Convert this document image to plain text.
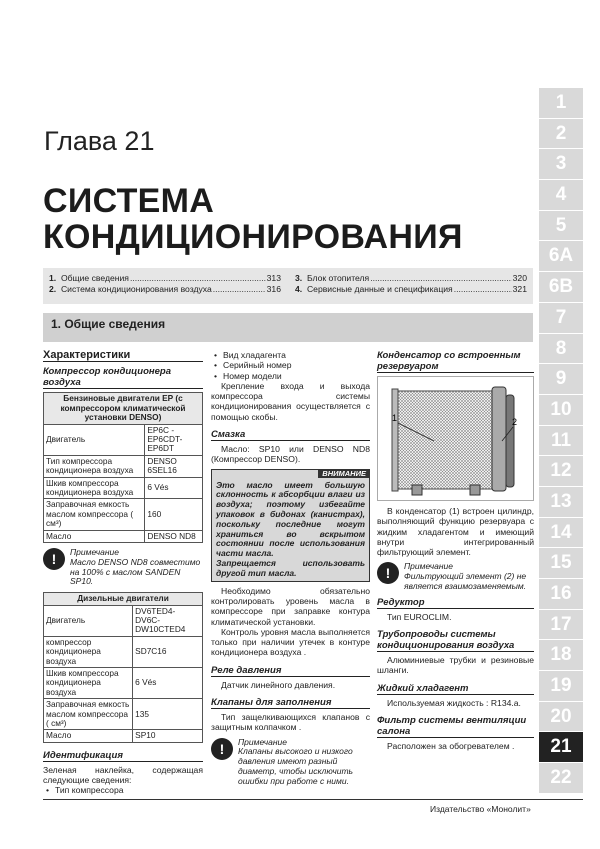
Глава 21
СИСТЕМА
КОНДИЦИОНИРОВАНИЯ
1. Общие сведения .....	313
2. Система кондиционирования воздуха .....	316
3. Блок отопителя .....	320
4. Сервисные данные и спецификация .....	321
1. Общие сведения
Характеристики
Компрессор кондиционера воздуха
Бензиновые двигатели EP (с компрессором климатической установки DENSO)	
Двигатель	EP6C - EP6CDT-EP6DT
Тип компрессора кондиционера воздуха	DENSO 6SEL16
Шкив компрессора кондиционера воздуха	6 Vés
Заправочная емкость маслом компрессора ( см³)	160
Масло	DENSO ND8
!	Примечание
Масло DENSO ND8 совместимо на 100% с маслом SANDEN SP10.
Дизельные двигатели	
Двигатель	DV6TED4- DV6C-DW10CTED4
компрессор кондиционера воздуха	SD7C16
Шкив компрессора кондиционера воздуха	6 Vés
Заправочная емкость маслом компрессора ( см³)	135
Масло	SP10
Идентификация

Зеленая наклейка, содержащая следующие сведения:

• Тип компрессора
• Вид хладагента
• Серийный номер
• Номер модели

Крепление входа и выхода компрессора системы кондиционирования осуществляется с помощью скобы.

Смазка

Масло: SP10 или DENSO ND8 (Компрессор DENSO).

ВНИМАНИЕ

Это масло имеет большую склонность к абсорбции влаги из воздуха; поэтому избегайте упаковок в бидонах (канистрах), поскольку последние могут храниться во вскрытом состоянии после использования части масла.

Запрещается использовать другой тип масла.

Необходимо обязательно контролировать уровень масла в компрессоре при заправке контура климатической установки.

Контроль уровня масла выполняется только при наличии утечек в контуре кондиционера воздуха .

Реле давления

Датчик линейного давления.

Клапаны для заполнения

Тип защелкивающихся клапанов с защитным колпачком .

!	Примечание
Клапаны высокого и низкого давления имеют разный диаметр, чтобы исключить ошибки при работе с ними.
Конденсатор со встроенным резервуаром
1	2

В конденсатор (1) встроен цилиндр, выполняющий функцию резервуара с жидким хладагентом и имеющий внутри интегрированный фильтрующий элемент.

!	Примечание
Фильтрующий элемент (2) не является взаимозаменяемым.
Редуктор

Тип EUROCLIM.

Трубопроводы системы кондиционирования воздуха

Алюминиевые трубки и резиновые шланги.

Жидкий хладагент

Используемая жидкость : R134.a.

Фильтр системы вентиляции салона

Расположен за обогревателем .

1
2
3
4
5
6A
6B
7
8
9
10
11
12
13
14
15
16
17
18
19
20
21
22
Издательство «Монолит»
